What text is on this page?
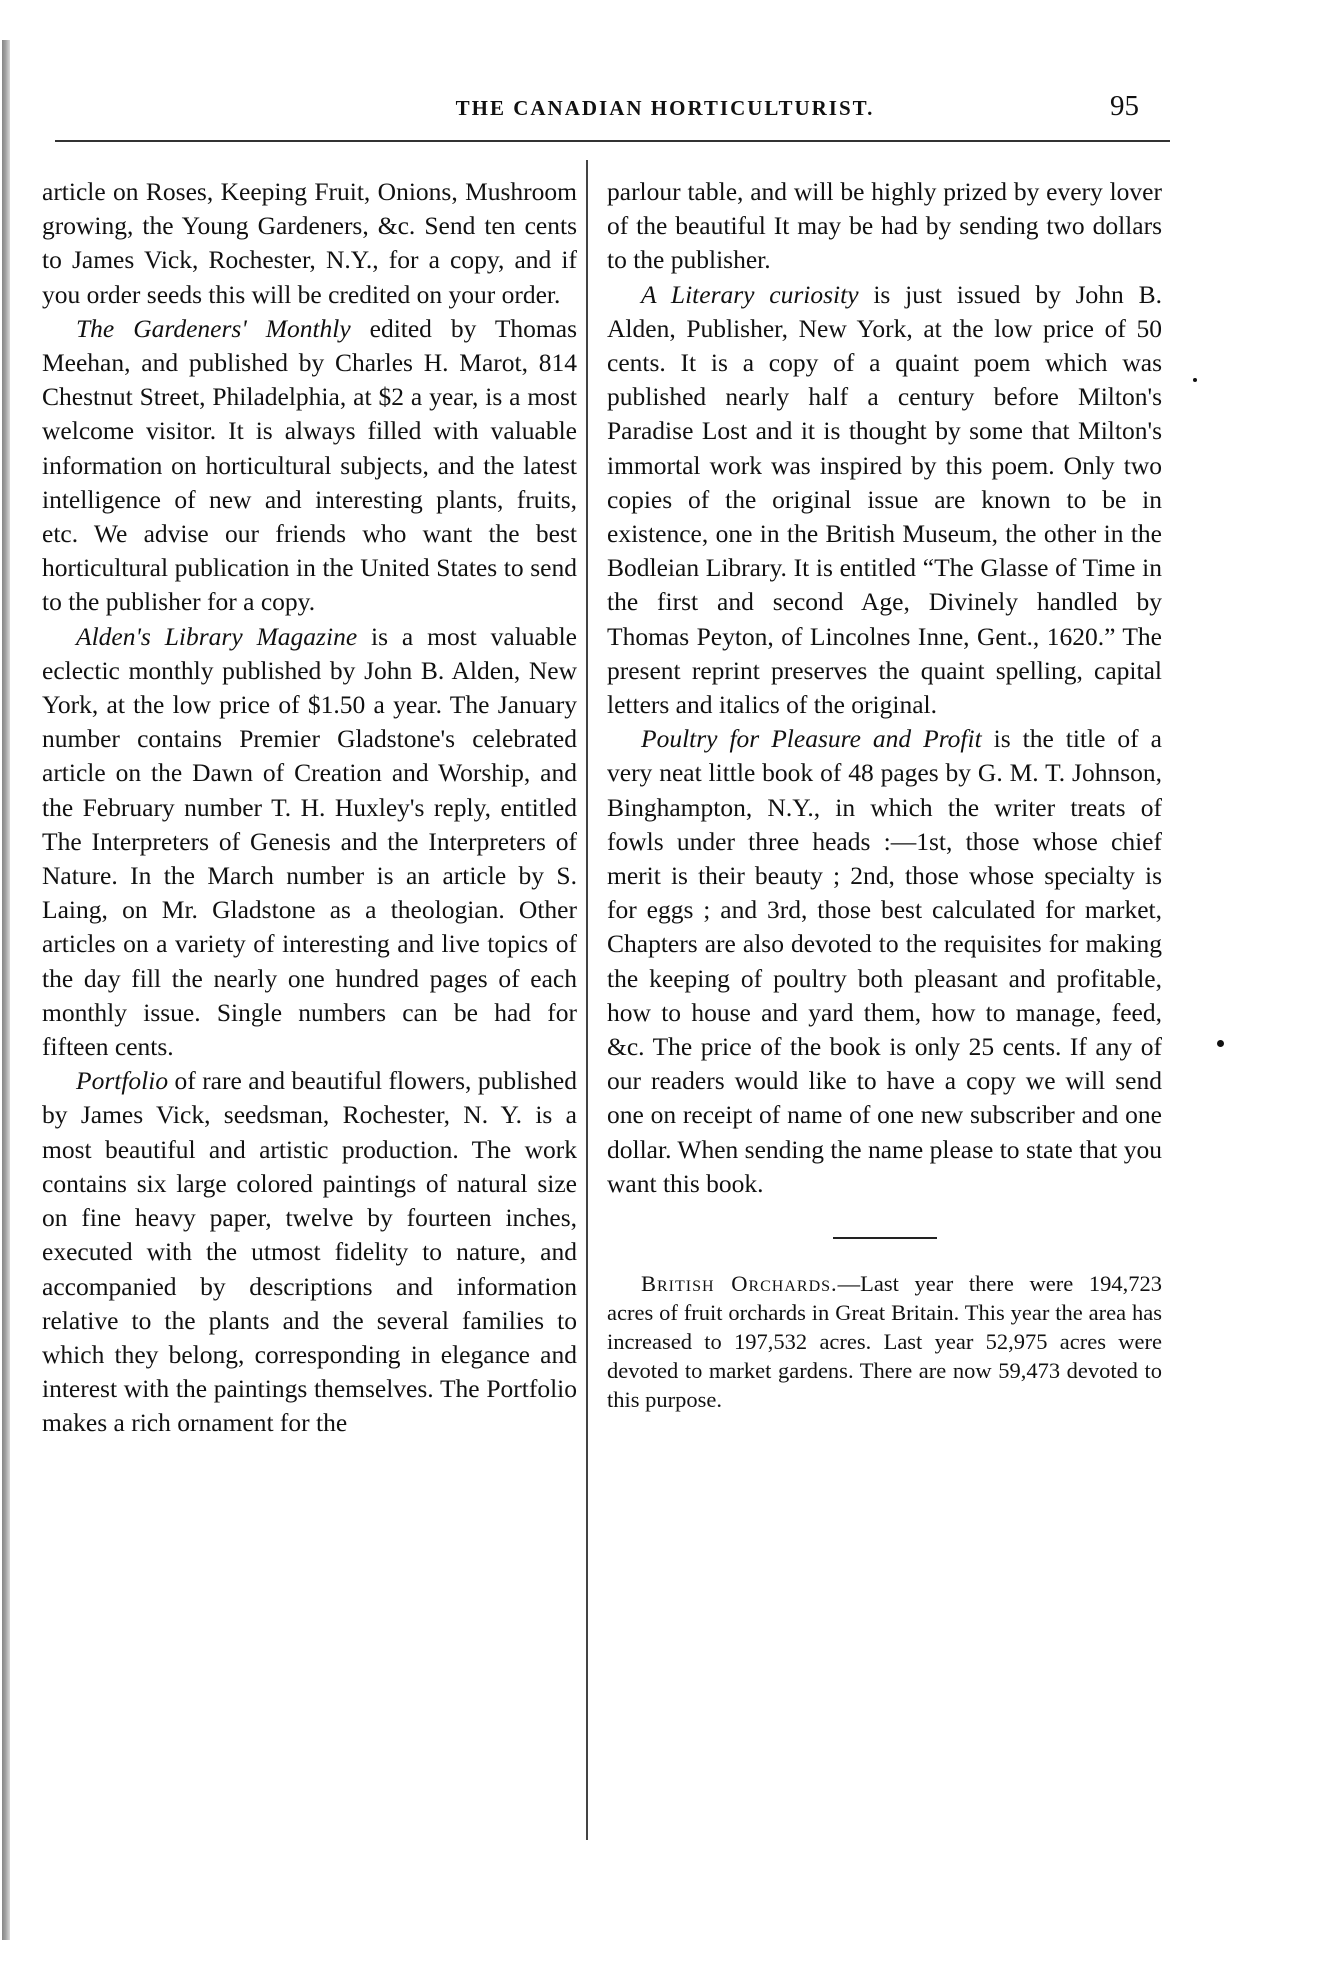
THE CANADIAN HORTICULTURIST.	95

article on Roses, Keeping Fruit, Onions, Mushroom growing, the Young Gardeners, &c. Send ten cents to James Vick, Rochester, N.Y., for a copy, and if you order seeds this will be credited on your order.

The Gardeners' Monthly edited by Thomas Meehan, and published by Charles H. Marot, 814 Chestnut Street, Philadelphia, at $2 a year, is a most welcome visitor. It is always filled with valuable information on horticultural subjects, and the latest intelligence of new and interesting plants, fruits, etc. We advise our friends who want the best horticultural publication in the United States to send to the publisher for a copy.

Alden's Library Magazine is a most valuable eclectic monthly published by John B. Alden, New York, at the low price of $1.50 a year. The January number contains Premier Gladstone's celebrated article on the Dawn of Creation and Worship, and the February number T. H. Huxley's reply, entitled The Interpreters of Genesis and the Interpreters of Nature. In the March number is an article by S. Laing, on Mr. Gladstone as a theologian. Other articles on a variety of interesting and live topics of the day fill the nearly one hundred pages of each monthly issue. Single numbers can be had for fifteen cents.

Portfolio of rare and beautiful flowers, published by James Vick, seedsman, Rochester, N. Y. is a most beautiful and artistic production. The work contains six large colored paintings of natural size on fine heavy paper, twelve by fourteen inches, executed with the utmost fidelity to nature, and accompanied by descriptions and information relative to the plants and the several families to which they belong, corresponding in elegance and interest with the paintings themselves. The Portfolio makes a rich ornament for the

parlour table, and will be highly prized by every lover of the beautiful It may be had by sending two dollars to the publisher.

A Literary curiosity is just issued by John B. Alden, Publisher, New York, at the low price of 50 cents. It is a copy of a quaint poem which was published nearly half a century before Milton's Paradise Lost and it is thought by some that Milton's immortal work was inspired by this poem. Only two copies of the original issue are known to be in existence, one in the British Museum, the other in the Bodleian Library. It is entitled “The Glasse of Time in the first and second Age, Divinely handled by Thomas Peyton, of Lincolnes Inne, Gent., 1620.” The present reprint preserves the quaint spelling, capital letters and italics of the original.

Poultry for Pleasure and Profit is the title of a very neat little book of 48 pages by G. M. T. Johnson, Binghampton, N.Y., in which the writer treats of fowls under three heads :—1st, those whose chief merit is their beauty ; 2nd, those whose specialty is for eggs ; and 3rd, those best calculated for market, Chapters are also devoted to the requisites for making the keeping of poultry both pleasant and profitable, how to house and yard them, how to manage, feed, &c. The price of the book is only 25 cents. If any of our readers would like to have a copy we will send one on receipt of name of one new subscriber and one dollar. When sending the name please to state that you want this book.

British Orchards.—Last year there were 194,723 acres of fruit orchards in Great Britain. This year the area has increased to 197,532 acres. Last year 52,975 acres were devoted to market gardens. There are now 59,473 devoted to this purpose.
